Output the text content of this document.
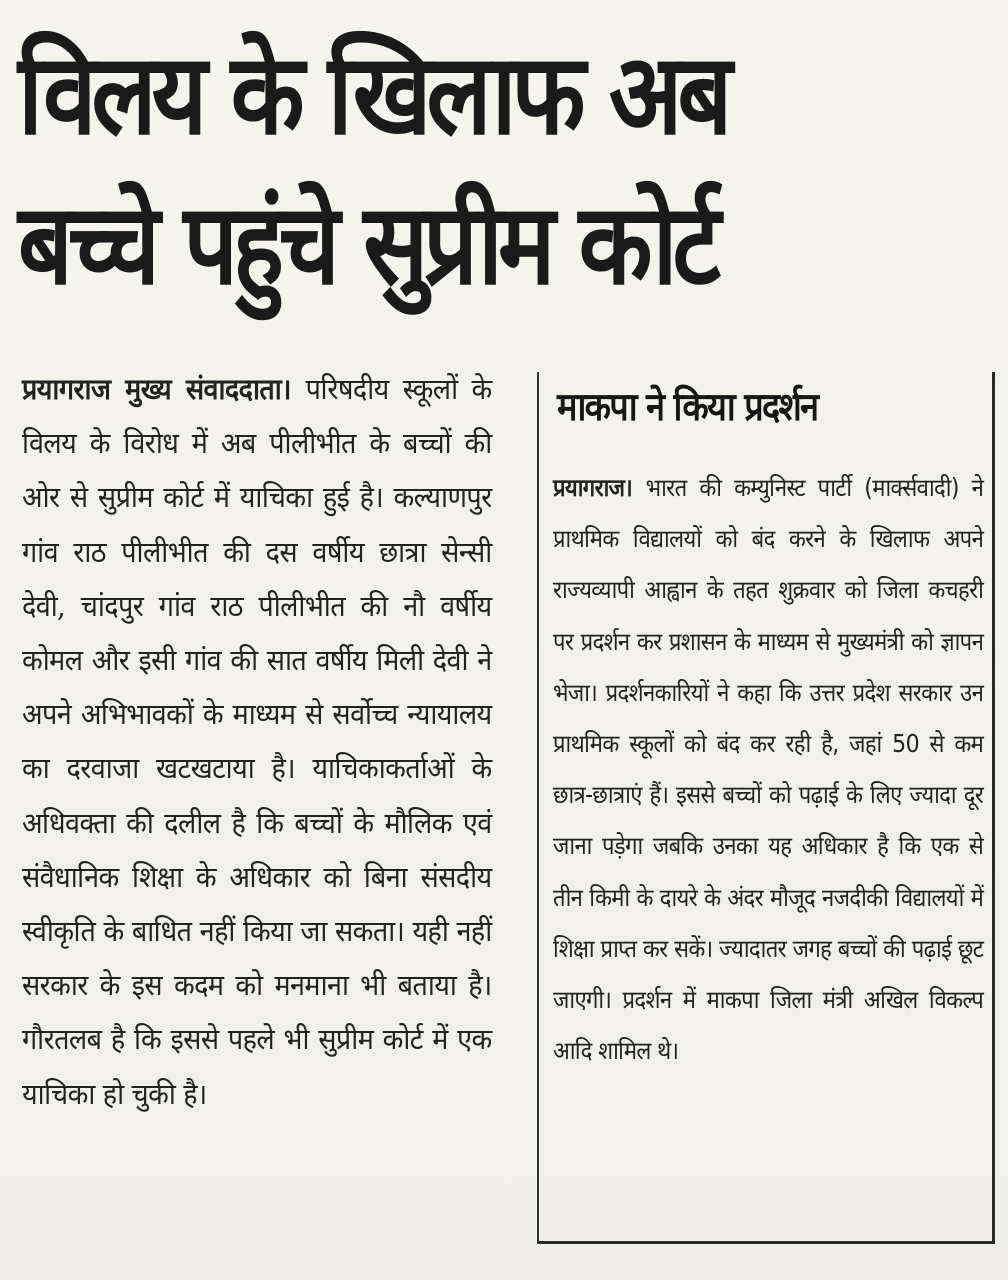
विलय के खिलाफ अब
बच्चे पहुंचे सुप्रीम कोर्ट
प्रयागराज मुख्य संवाददाता। परिषदीय स्कूलों के विलय के विरोध में अब पीलीभीत के बच्चों की ओर से सुप्रीम कोर्ट में याचिका हुई है। कल्याणपुर गांव राठ पीलीभीत की दस वर्षीय छात्रा सेन्सी देवी, चांदपुर गांव राठ पीलीभीत की नौ वर्षीय कोमल और इसी गांव की सात वर्षीय मिली देवी ने अपने अभिभावकों के माध्यम से सर्वोच्च न्यायालय का दरवाजा खटखटाया है। याचिकाकर्ताओं के अधिवक्ता की दलील है कि बच्चों के मौलिक एवं संवैधानिक शिक्षा के अधिकार को बिना संसदीय स्वीकृति के बाधित नहीं किया जा सकता। यही नहीं सरकार के इस कदम को मनमाना भी बताया है। गौरतलब है कि इससे पहले भी सुप्रीम कोर्ट में एक याचिका हो चुकी है।
माकपा ने किया प्रदर्शन
प्रयागराज। भारत की कम्युनिस्ट पार्टी (मार्क्सवादी) ने प्राथमिक विद्यालयों को बंद करने के खिलाफ अपने राज्यव्यापी आह्वान के तहत शुक्रवार को जिला कचहरी पर प्रदर्शन कर प्रशासन के माध्यम से मुख्यमंत्री को ज्ञापन भेजा। प्रदर्शनकारियों ने कहा कि उत्तर प्रदेश सरकार उन प्राथमिक स्कूलों को बंद कर रही है, जहां 50 से कम छात्र-छात्राएं हैं। इससे बच्चों को पढ़ाई के लिए ज्यादा दूर जाना पड़ेगा जबकि उनका यह अधिकार है कि एक से तीन किमी के दायरे के अंदर मौजूद नजदीकी विद्यालयों में शिक्षा प्राप्त कर सकें। ज्यादातर जगह बच्चों की पढ़ाई छूट जाएगी। प्रदर्शन में माकपा जिला मंत्री अखिल विकल्प आदि शामिल थे।
